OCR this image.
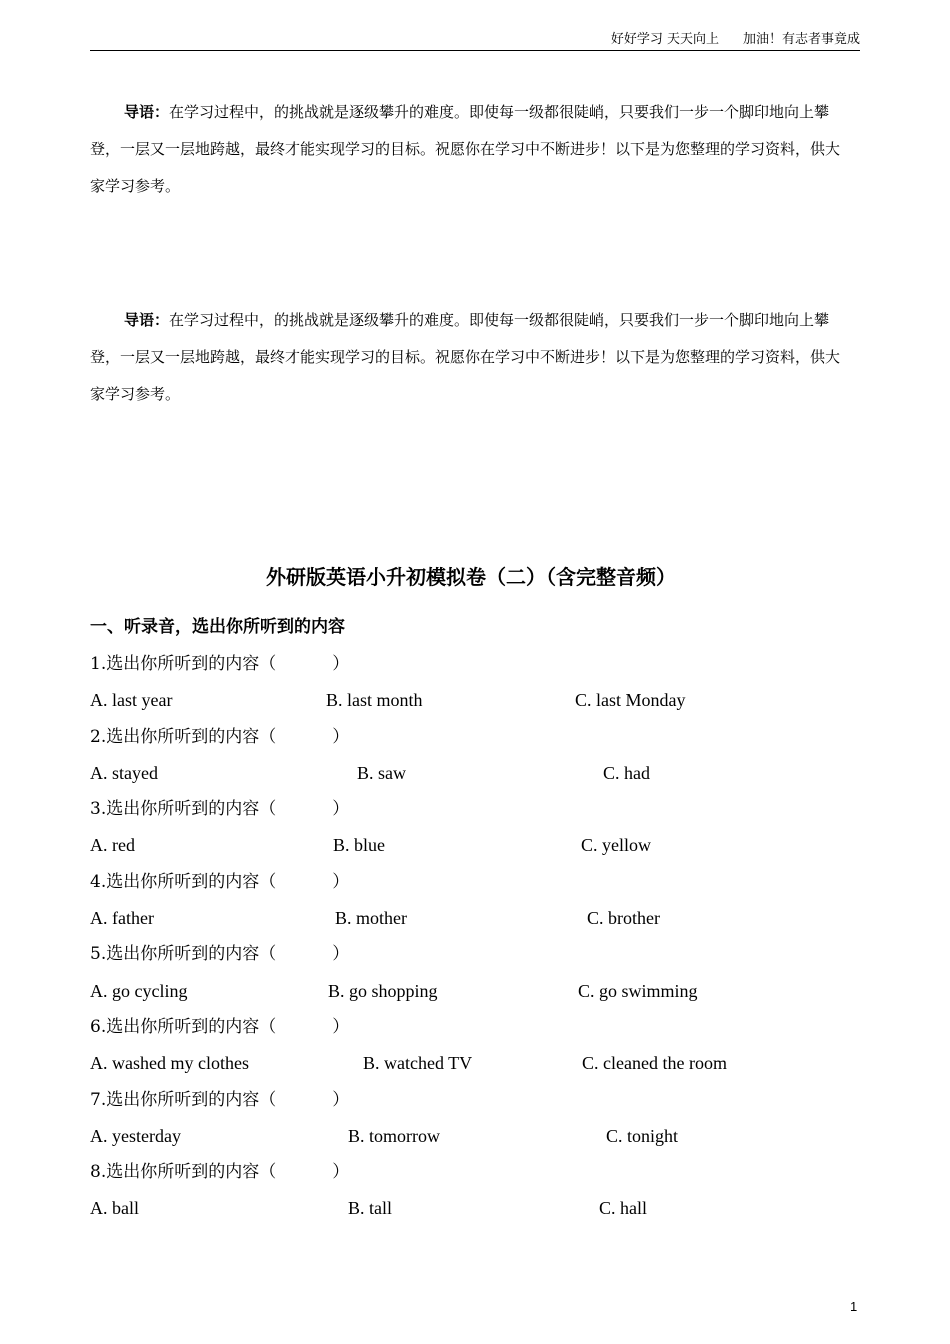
好好学习 天天向上 加油！有志者事竟成

导语：在学习过程中，的挑战就是逐级攀升的难度。即使每一级都很陡峭，只要我们一步一个脚印地向上攀登，一层又一层地跨越，最终才能实现学习的目标。祝愿你在学习中不断进步！以下是为您整理的学习资料，供大家学习参考。

导语：在学习过程中，的挑战就是逐级攀升的难度。即使每一级都很陡峭，只要我们一步一个脚印地向上攀登，一层又一层地跨越，最终才能实现学习的目标。祝愿你在学习中不断进步！以下是为您整理的学习资料，供大家学习参考。

外研版英语小升初模拟卷（二）（含完整音频）
一、听录音，选出你所听到的内容
1.选出你所听到的内容（	）
A. last year	B. last month	C. last Monday
2.选出你所听到的内容（	）
A. stayed	B. saw	C. had
3.选出你所听到的内容（	）
A. red	B. blue	C. yellow
4.选出你所听到的内容（	）
A. father	B. mother	C. brother
5.选出你所听到的内容（	）
A. go cycling	B. go shopping	C. go swimming
6.选出你所听到的内容（	）
A. washed my clothes	B. watched TV	C. cleaned the room
7.选出你所听到的内容（	）
A. yesterday	B. tomorrow	C. tonight
8.选出你所听到的内容（	）
A. ball	B. tall	C. hall
1
